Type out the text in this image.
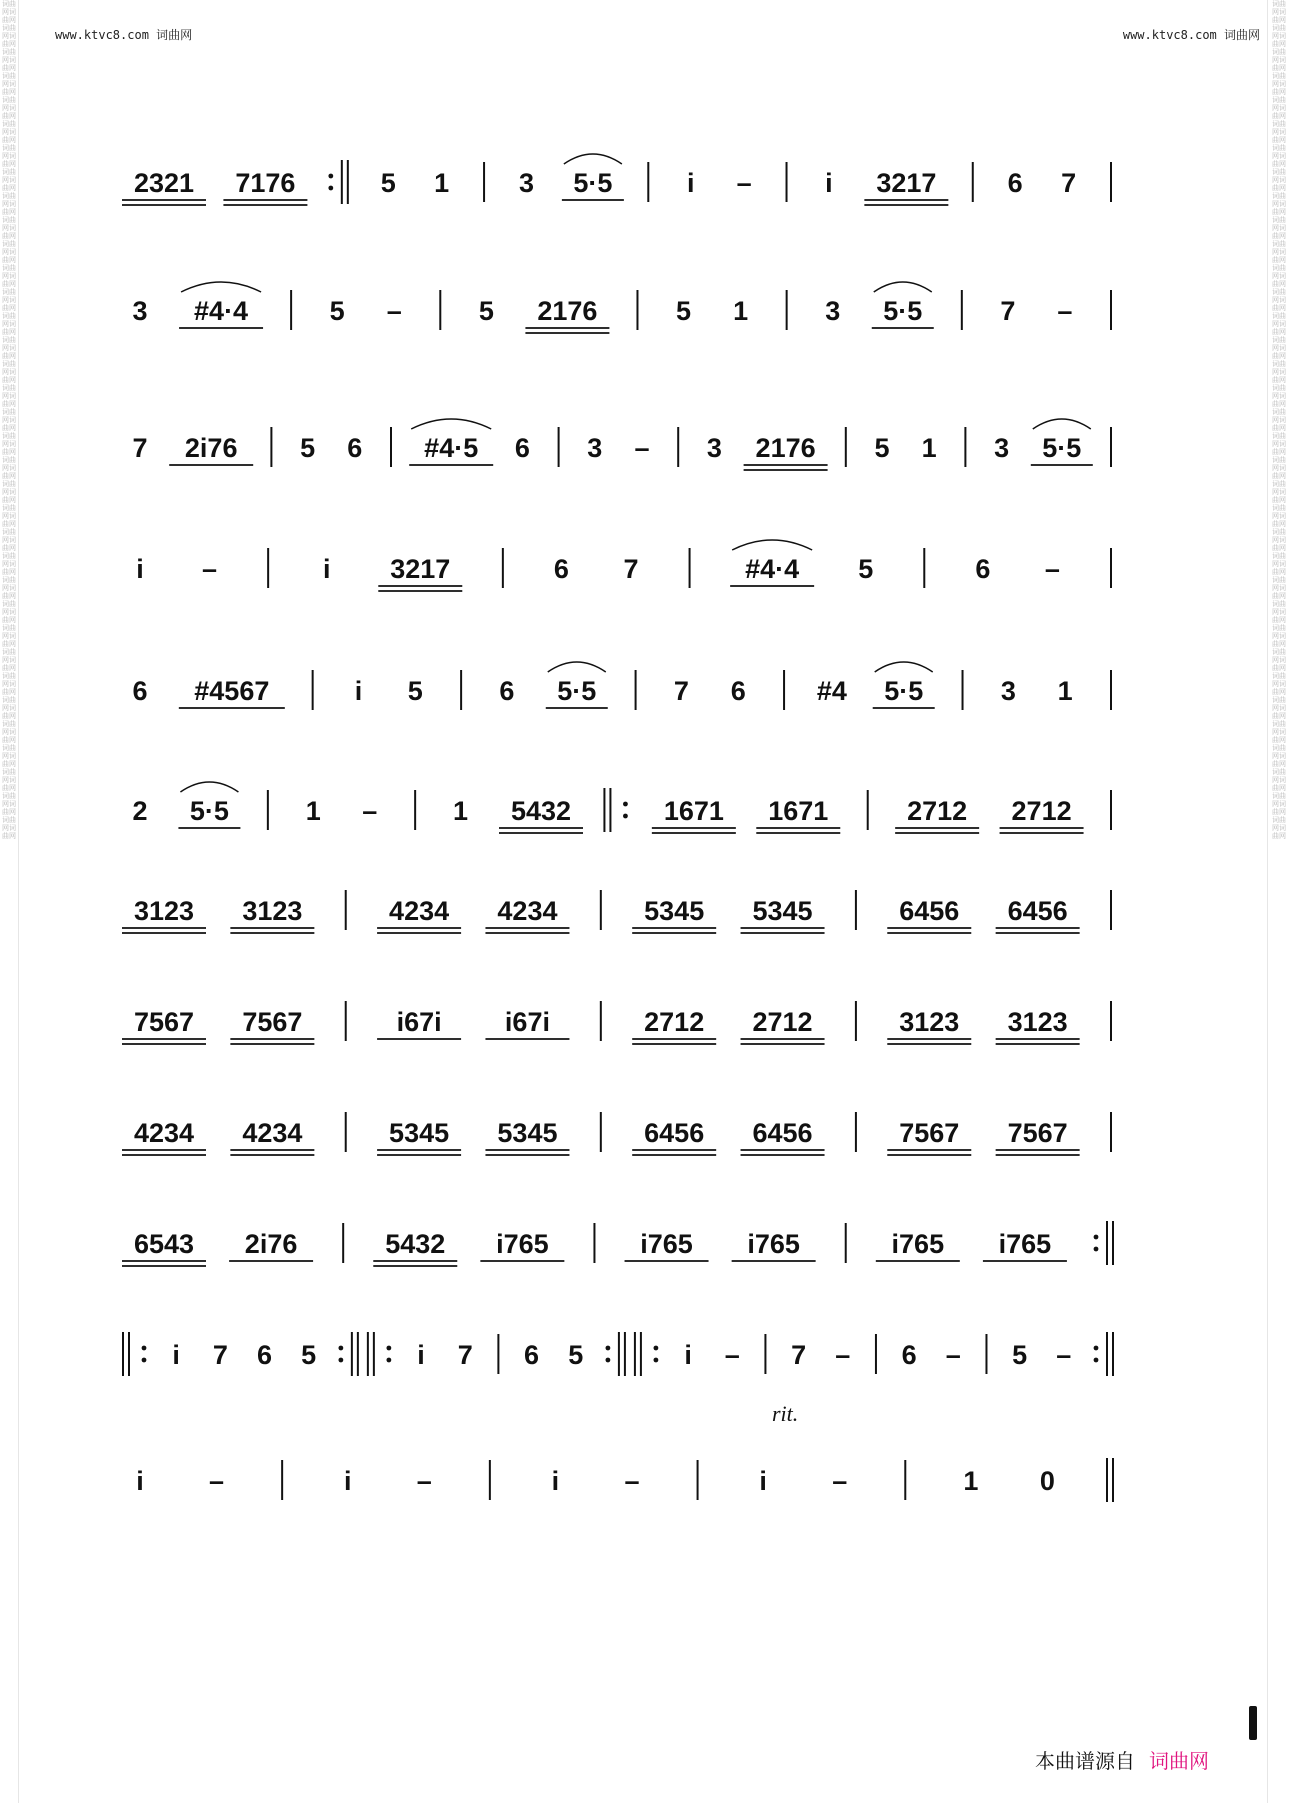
词曲网词曲网词曲网词曲网词曲网词曲网词曲网词曲网词曲网词曲网词曲网词曲网词曲网词曲网词曲网词曲网词曲网词曲网词曲网词曲网词曲网词曲网词曲网词曲网词曲网词曲网词曲网词曲网词曲网词曲网词曲网词曲网词曲网词曲网词曲网词曲网词曲网词曲网词曲网词曲网词曲网词曲网词曲网词曲网词曲网词曲网词曲网词曲网词曲网词曲网词曲网词曲网词曲网词曲网词曲网词曲网词曲网词曲网词曲网词曲网词曲网词曲网词曲网词曲网词曲网词曲网词曲网词曲网词曲网词曲网
词曲网词曲网词曲网词曲网词曲网词曲网词曲网词曲网词曲网词曲网词曲网词曲网词曲网词曲网词曲网词曲网词曲网词曲网词曲网词曲网词曲网词曲网词曲网词曲网词曲网词曲网词曲网词曲网词曲网词曲网词曲网词曲网词曲网词曲网词曲网词曲网词曲网词曲网词曲网词曲网词曲网词曲网词曲网词曲网词曲网词曲网词曲网词曲网词曲网词曲网词曲网词曲网词曲网词曲网词曲网词曲网词曲网词曲网词曲网词曲网词曲网词曲网词曲网词曲网词曲网词曲网词曲网词曲网词曲网词曲网
www.ktvc8.com 词曲网	www.ktvc8.com 词曲网
2321 7176	5 1	3 5·5	i –	i 3217	6 7
3 #4·4	5 –	5 2176	5 1	3 5·5	7 –
7 2i76 5 6 #4·5 6 3 – 3 2176 5 1 3 5·5
i –	i 3217	6 7	#4·4 5	6 –
6 #4567	i 5	6 5·5	7 6	#4 5·5	3 1
2 5·5	1 –	1 5432	1671 1671	2712 2712
3123 3123	4234 4234	5345 5345	6456 6456
7567 7567	i67i i67i	2712 2712	3123 3123
4234 4234	5345 5345	6456 6456	7567 7567
6543 2i76	5432 i765	i765 i765	i765 i765
i 7 6 5	i 7 6 5	i – 7 – 6 – 5 –
i –	i –	i –	i –	1 0
rit.
本曲谱源自 词曲网
